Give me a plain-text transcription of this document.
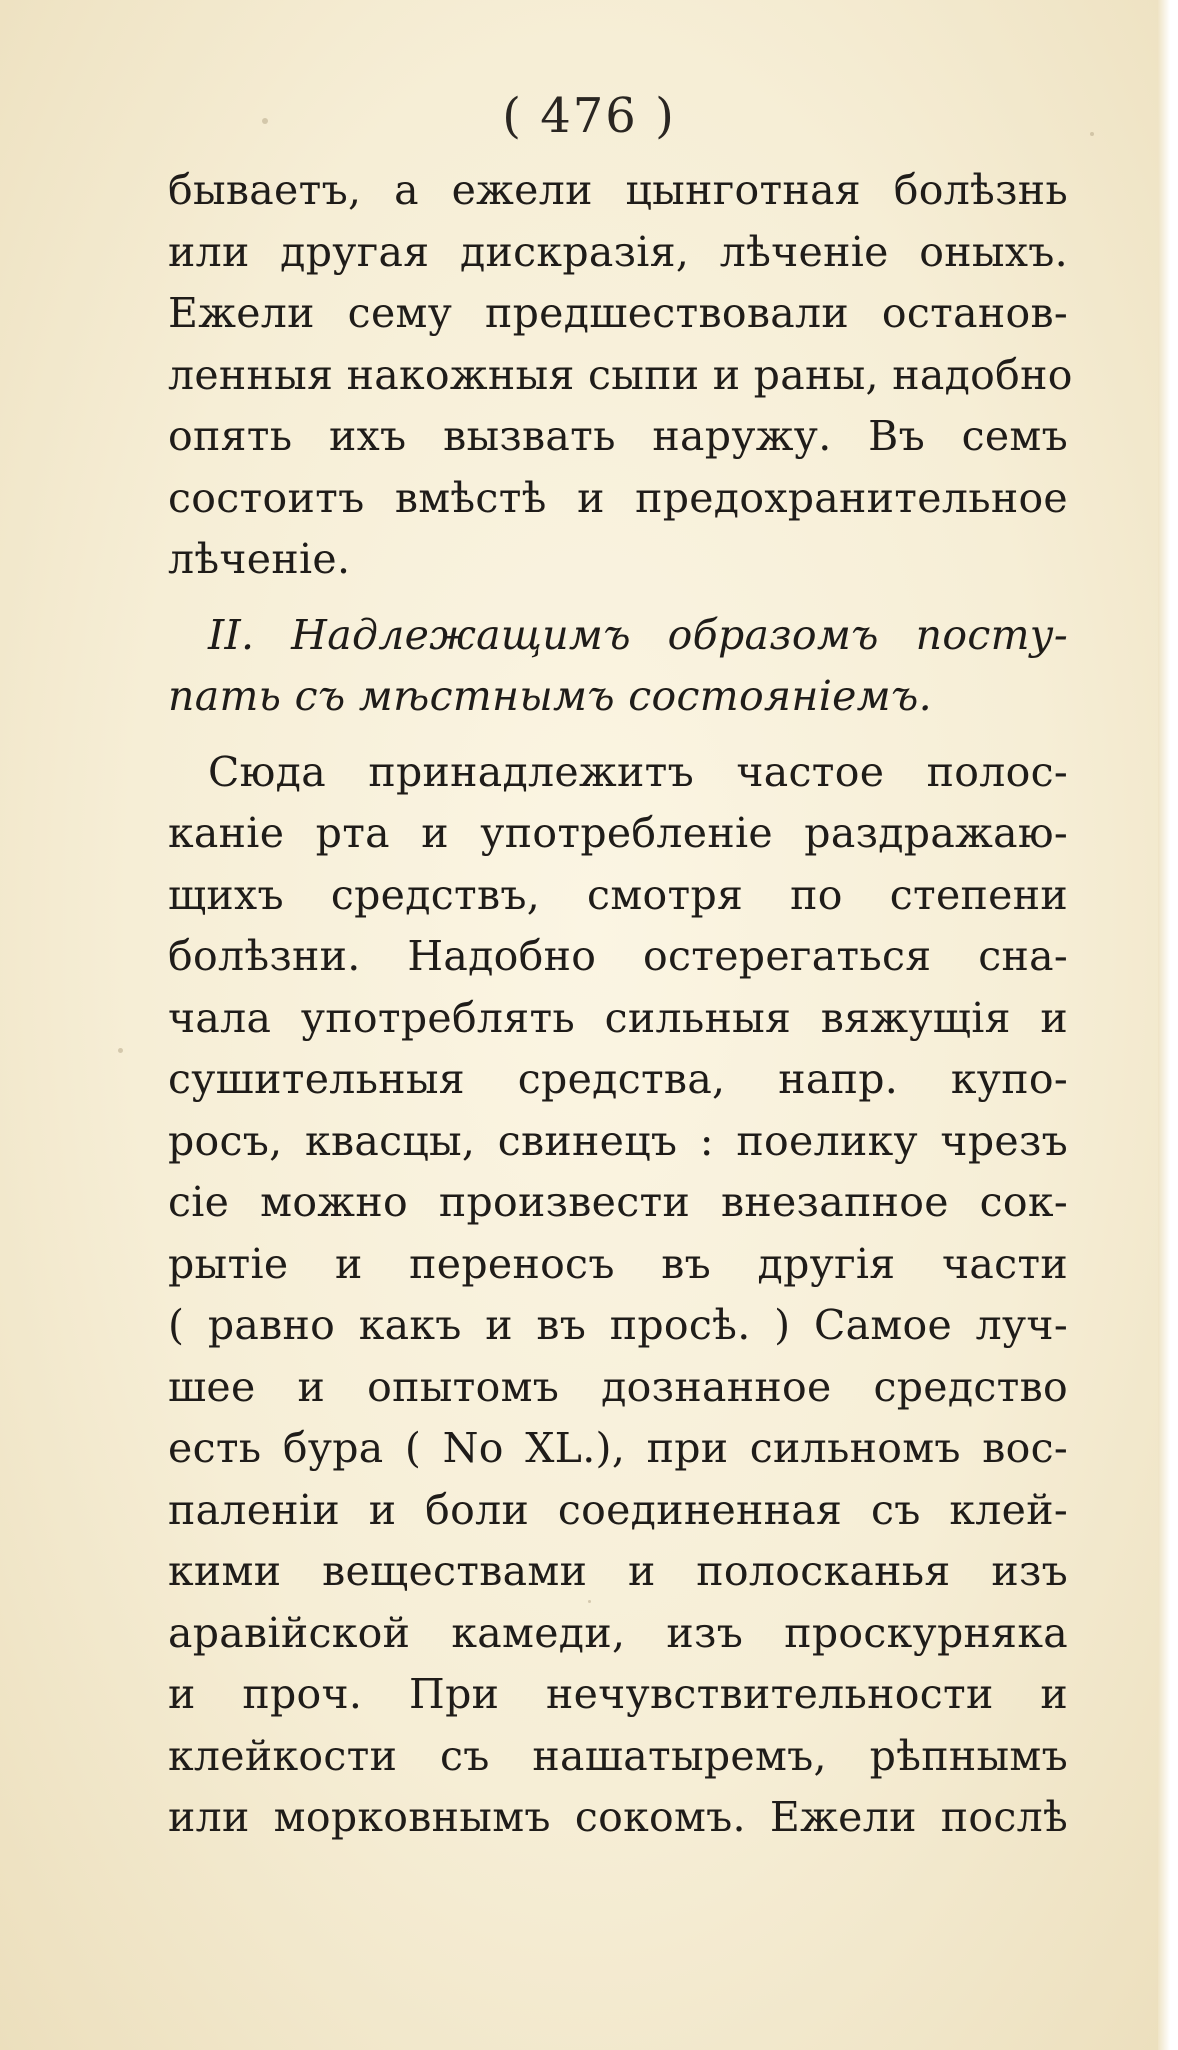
( 476 )
бываетъ, а ежели цынготная болѣзнь
или другая дискразiя, лѣченiе оныхъ.
Ежели сему предшествовали останов-
ленныя накожныя сыпи и раны, надобно
опять ихъ вызвать наружу. Въ семъ
состоитъ вмѣстѣ и предохранительное
лѣченiе.
II. Надлежащимъ образомъ посту-
пать съ мѣстнымъ состоянiемъ.
Сюда принадлежитъ частое полос-
канiе рта и употребленiе раздражаю-
щихъ средствъ, смотря по степени
болѣзни. Надобно остерегаться сна-
чала употреблять сильныя вяжущiя и
сушительныя средства, напр. купо-
росъ, квасцы, свинецъ : поелику чрезъ
сiе можно произвести внезапное сок-
рытiе и переносъ въ другiя части
( равно какъ и въ просѣ. ) Самое луч-
шее и опытомъ дознанное средство
есть бура ( No XL.), при сильномъ вос-
паленiи и боли соединенная съ клей-
кими веществами и полосканья изъ
аравiйской камеди, изъ проскурняка
и проч. При нечувствительности и
клейкости съ нашатыремъ, рѣпнымъ
или морковнымъ сокомъ. Ежели послѣ
